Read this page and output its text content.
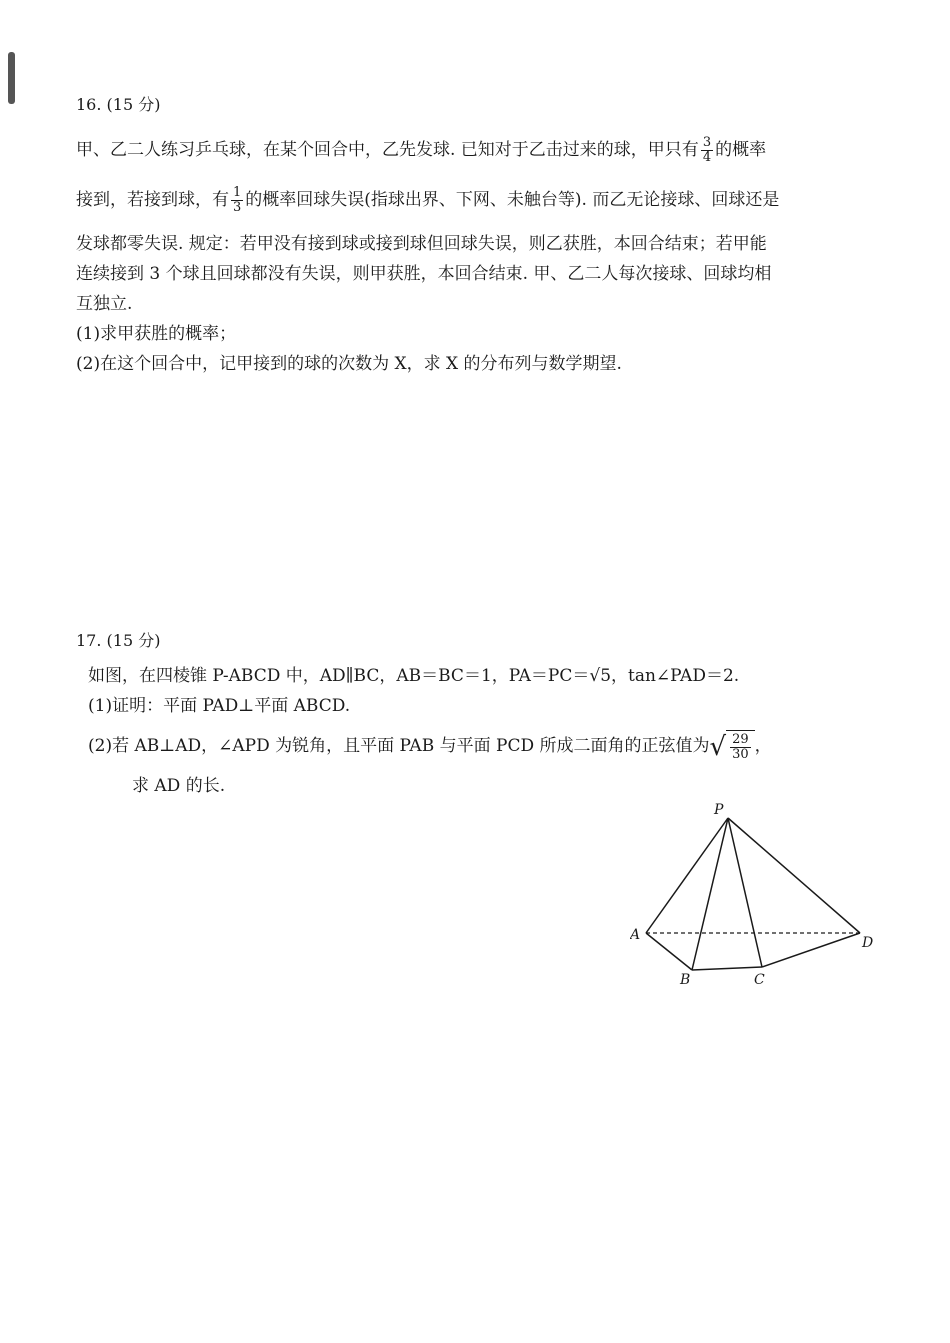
16. (15 分)
甲、乙二人练习乒乓球，在某个回合中，乙先发球. 已知对于乙击过来的球，甲只有 $\frac{3}{4}$ 的概率
接到，若接到球，有 $\frac{1}{3}$ 的概率回球失误(指球出界、下网、未触台等). 而乙无论接球、回球还是
发球都零失误. 规定：若甲没有接到球或接到球但回球失误，则乙获胜，本回合结束；若甲能
连续接到 3 个球且回球都没有失误，则甲获胜，本回合结束. 甲、乙二人每次接球、回球均相
互独立.
(1)求甲获胜的概率；
(2)在这个回合中，记甲接到的球的次数为 X，求 X 的分布列与数学期望.
17. (15 分)
如图，在四棱锥 P-ABCD 中，AD∥BC，AB＝BC＝1，PA＝PC＝√5，tan∠PAD＝2.
(1)证明：平面 PAD⊥平面 ABCD.
(2)若 AB⊥AD，∠APD 为锐角，且平面 PAB 与平面 PCD 所成二面角的正弦值为 √ $\frac{29}{30}$ ，
求 AD 的长.
P
A
B	C
D
